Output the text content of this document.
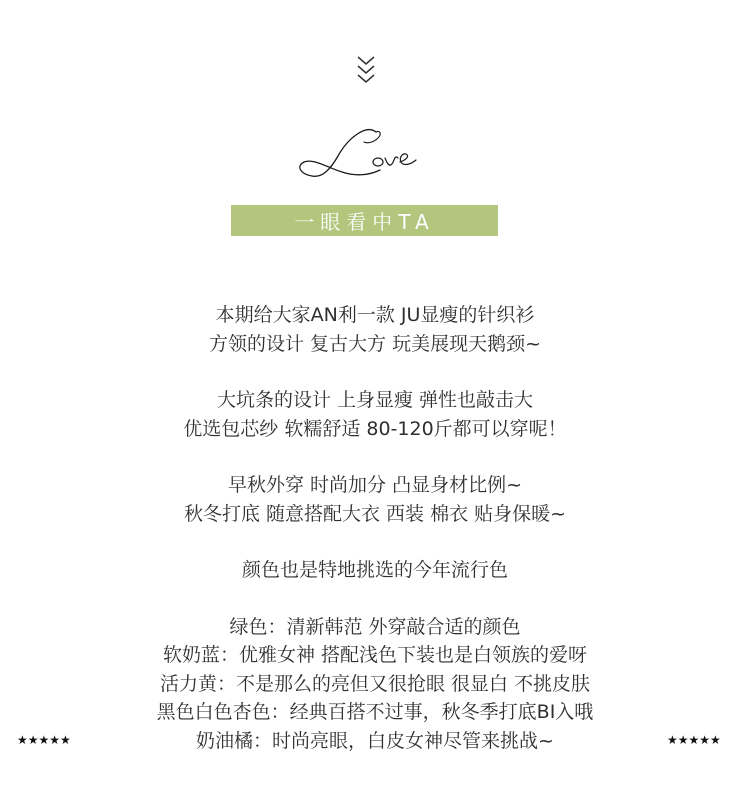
一眼看中TA
本期给大家AN利一款 JU显瘦的针织衫
方领的设计 复古大方 玩美展现天鹅颈~
大坑条的设计 上身显瘦 弹性也敲击大
优选包芯纱 软糯舒适 80-120斤都可以穿呢！
早秋外穿 时尚加分 凸显身材比例~
秋冬打底 随意搭配大衣 西装 棉衣 贴身保暖~
颜色也是特地挑选的今年流行色
绿色：清新韩范 外穿敲合适的颜色
软奶蓝：优雅女神 搭配浅色下装也是白领族的爱呀
活力黄：不是那么的亮但又很抢眼 很显白 不挑皮肤
黑色白色杏色：经典百搭不过事，秋冬季打底BI入哦
奶油橘：时尚亮眼，白皮女神尽管来挑战~
★★★★★	★★★★★
